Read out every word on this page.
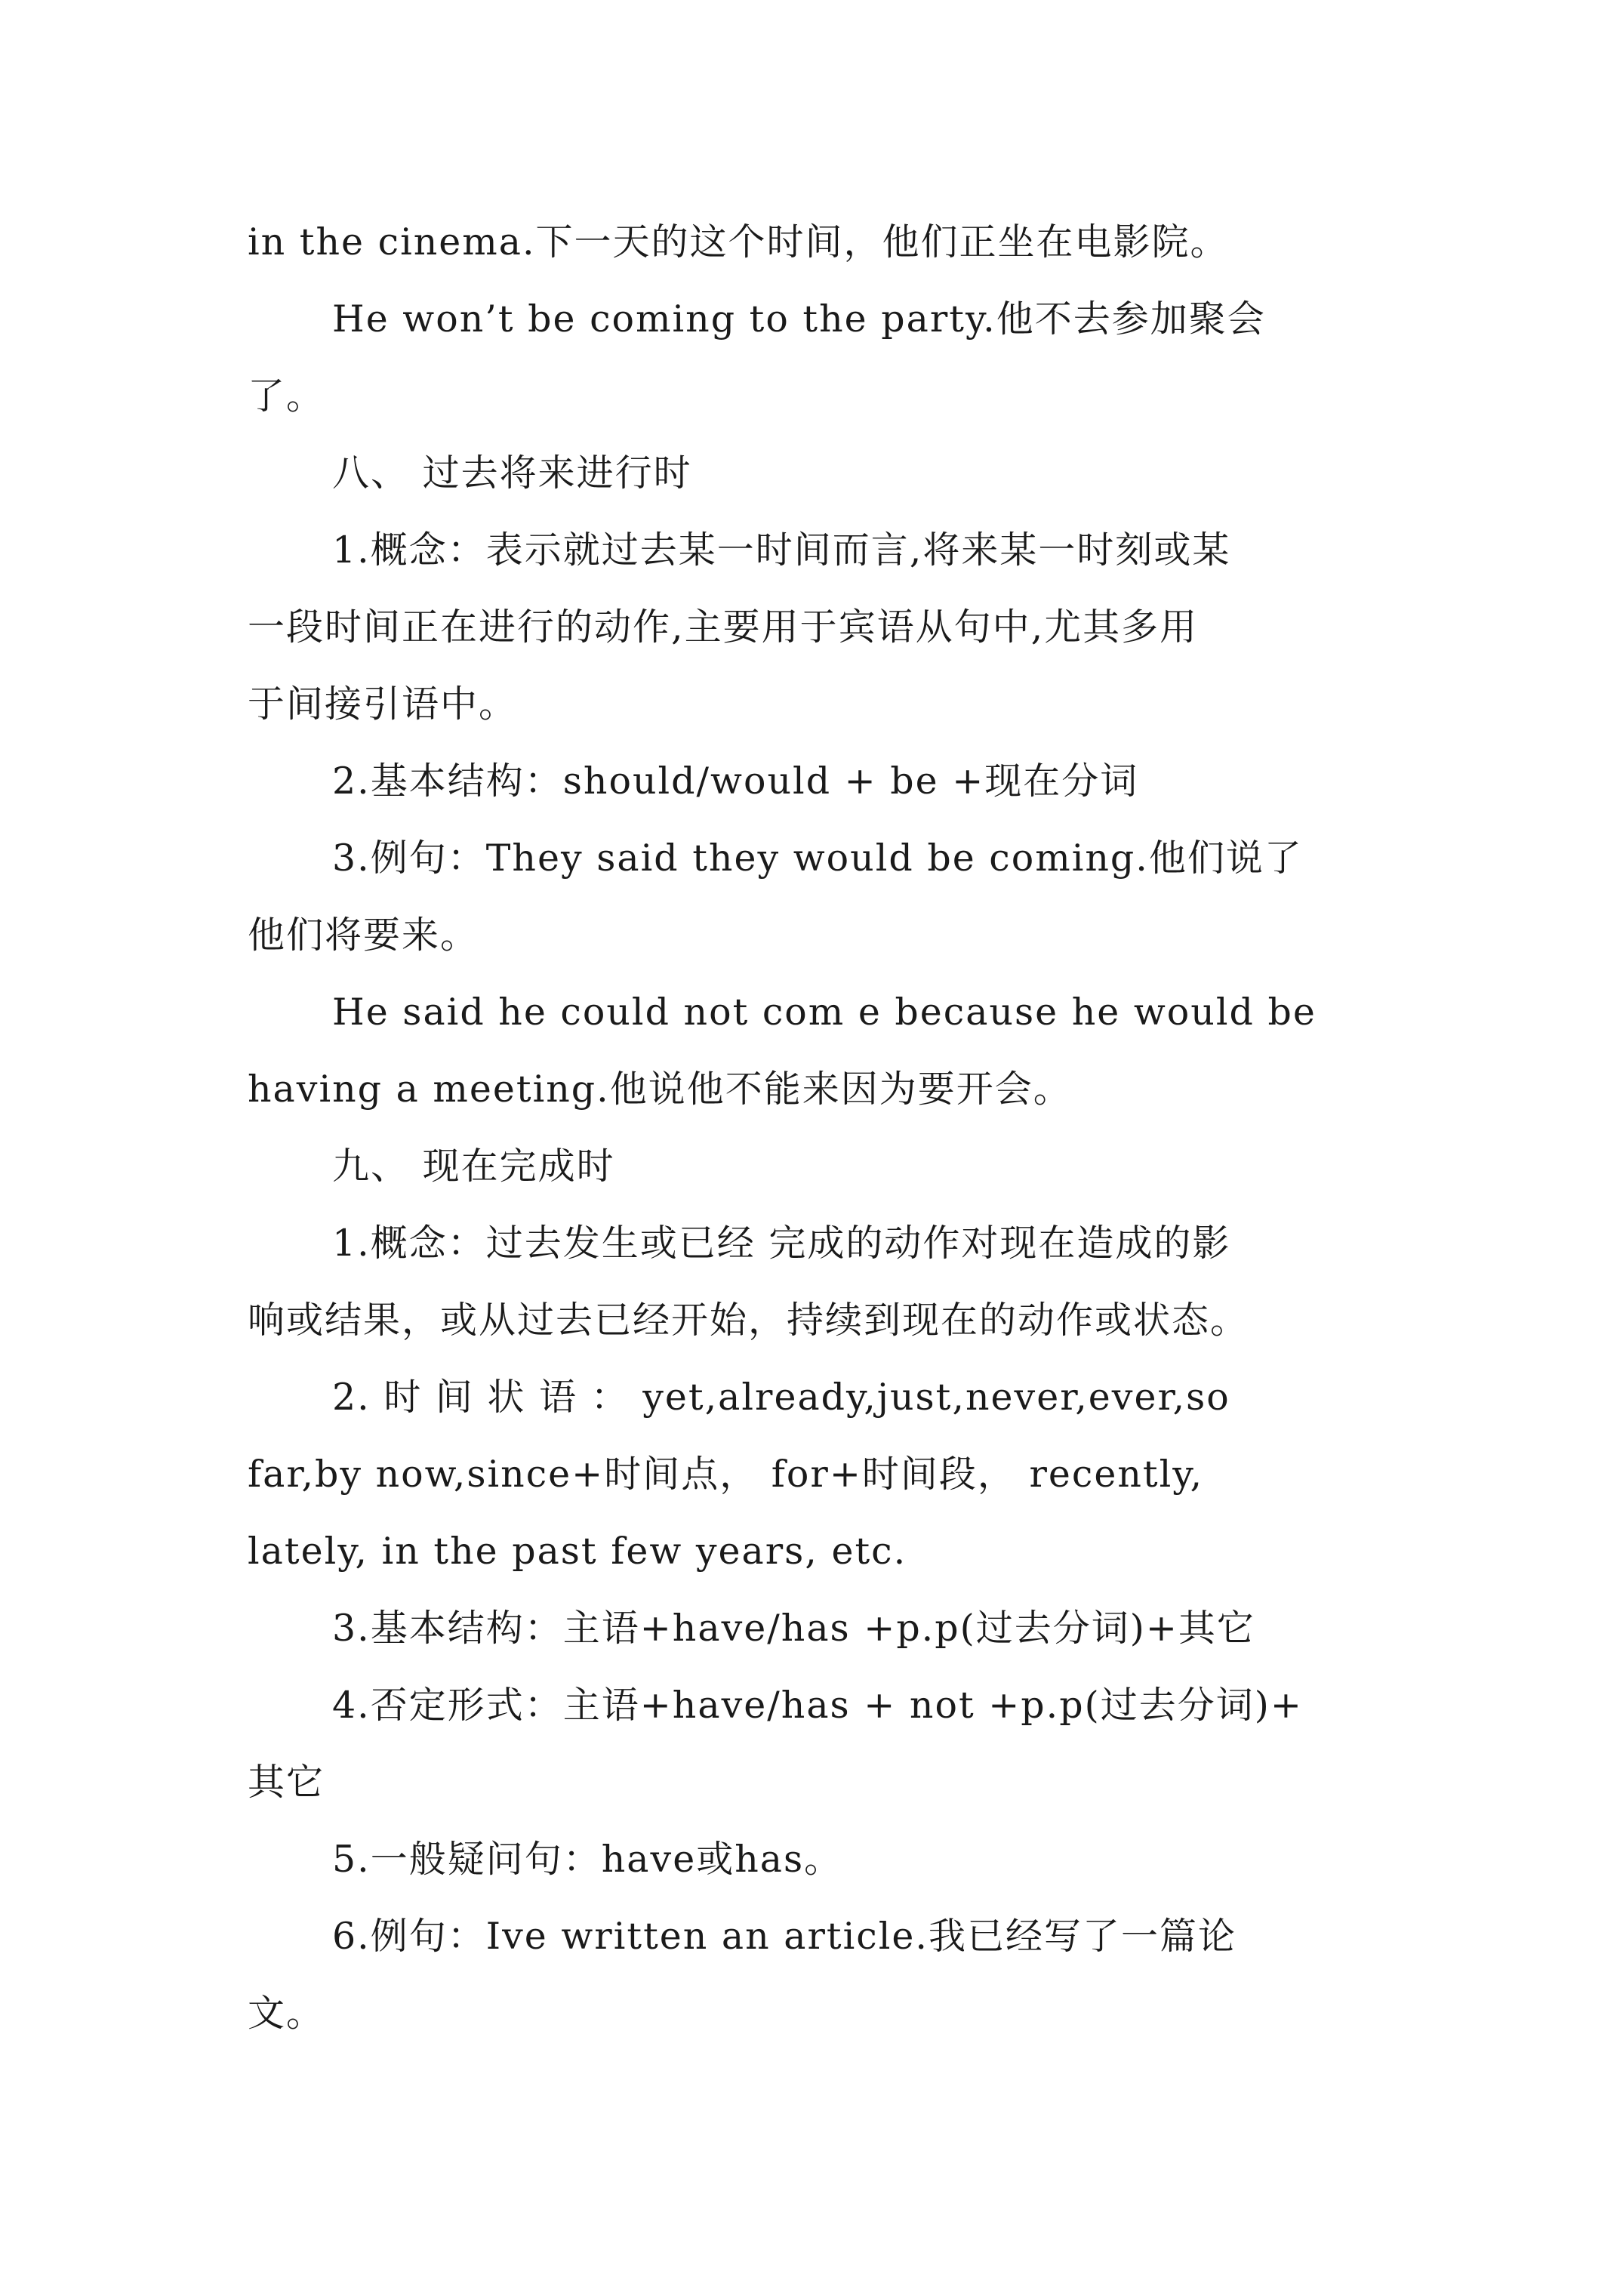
in the cinema.下一天的这个时间，他们正坐在电影院。
He won’t be coming to the party.他不去参加聚会
了。
八、 过去将来进行时
1.概念：表示就过去某一时间而言,将来某一时刻或某
一段时间正在进行的动作,主要用于宾语从句中,尤其多用
于间接引语中。
2.基本结构：should/would + be +现在分词
3.例句：They said they would be coming.他们说了
他们将要来。
He said he could not com e because he would be
having a meeting.他说他不能来因为要开会。
九、 现在完成时
1.概念：过去发生或已经 完成的动作对现在造成的影
响或结果，或从过去已经开始，持续到现在的动作或状态。
2. 时 间 状 语 ： yet,already,just,never,ever,so
far,by now,since+时间点， for+时间段， recently,
lately, in the past few years, etc.
3.基本结构：主语+have/has +p.p(过去分词)+其它
4.否定形式：主语+have/has + not +p.p(过去分词)+
其它
5.一般疑问句：have或has。
6.例句：Ive written an article.我已经写了一篇论
文。
